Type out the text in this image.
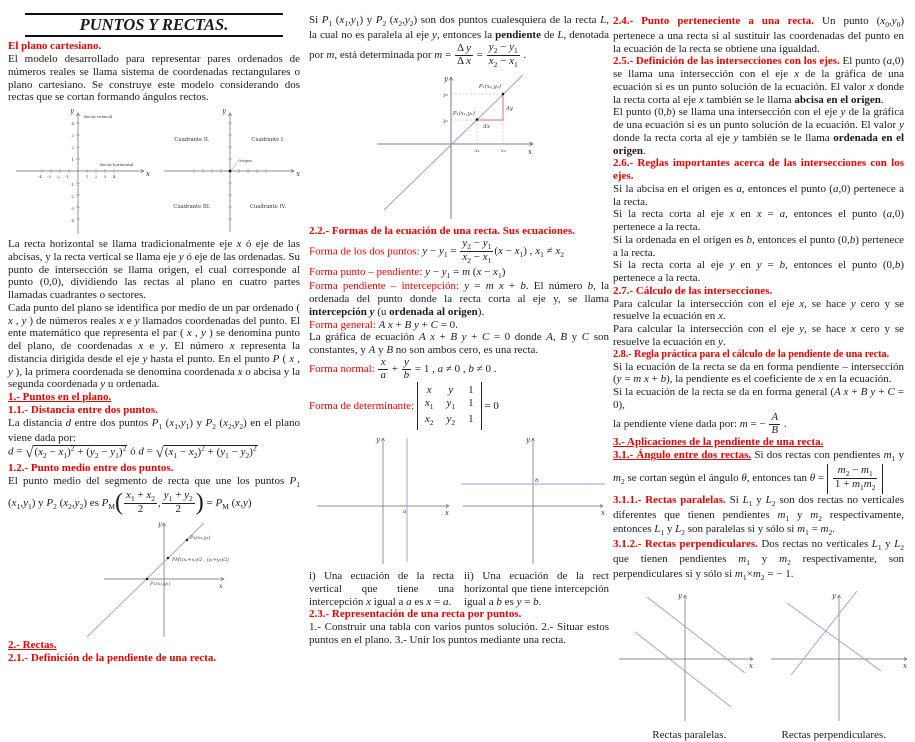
PUNTOS Y RECTAS.

El plano cartesiano.

El modelo desarrollado para representar pares ordenados de números reales se llama sistema de coordenadas rectangulares o plano cartesiano. Se construye este modelo considerando dos rectas que se cortan formando ángulos rectos.

y
x
Recta vertical
Recta horizontal
-4 -3 -2 -1	1 2 3 4
4
3
2
1
-1
-2
-3
-4
y
x
Cuadrante II.	Cuadrante I.
Cuadrante III.	Cuadrante IV.
Origen

La recta horizontal se llama tradicionalmente eje x ó eje de las abcisas, y la recta vertical se llama eje y ó eje de las ordenadas. Su punto de intersección se llama origen, el cual corresponde al punto (0,0), dividiendo las rectas al plano en cuatro partes llamadas cuadrantes o sectores.

Cada punto del plano se identifica por medio de un par ordenado ( x , y ) de números reales x e y llamados coordenadas del punto. El ente matemático que representa el par ( x , y ) se denomina punto del plano, de coordenadas x e y. El número x representa la distancia dirigida desde el eje y hasta el punto. En el punto P ( x , y ), la primera coordenada se denomina coordenada x o abcisa y la segunda coordenada y u ordenada.

1.- Puntos en el plano.

1.1.- Distancia entre dos puntos.

La distancia d entre dos puntos $P_1$ $(x_1,y_1)$ y $P_2$ $(x_2,y_2)$ en el plano viene dada por:

$d = √(x_2 - x_1)^2 + (y_2 - y_1)^2$ ó $d = √(x_1 - x_2)^2 + (y_1 - y_2)^2$

1.2.- Punto medio entre dos puntos.

El punto medio del segmento de recta que une los puntos $P_1$ $(x_1,y_1)$ y $P_2$ $(x_2,y_2)$ es $P_M( \frac{x_1 + x_2}{2}$ , $\frac{y_1 + y_2}{2}$ ) = $P_M$ (x,y)

y
x
P₁(x₁,y₁)
PM((x₁+x₂)/2 , (y₁+y₂)/2)
P₂(x₂,y₂)

2.- Rectas.

2.1.- Definición de la pendiente de una recta.

Si $P_1$ $(x_1,y_1)$ y $P_2$ $(x_2,y_2)$ son dos puntos cualesquiera de la recta L, la cual no es paralela al eje y, entonces la pendiente de L, denotada por m, está determinada por $m = \frac{\text{Δ y}}{\text{Δ x}} = \frac{y_2 - y_1}{x_2 - x_1}$ .

y
x
P₂(x₂,y₂)
P₁(x₁,y₁)
Δy
Δx
y₂
y₁
x₁	x₂

2.2.- Formas de la ecuación de una recta. Sus ecuaciones.

Forma de los dos puntos: $y - y_1 = \frac{y_2 - y_1}{x_2 - x_1} (x - x_1)$ , $x_1 \ne x_2$

Forma punto – pendiente: $y - y_1 = m$ $(x - x_1)$

Forma pendiente – intercepción: y = m x + b. El número b, la ordenada del punto donde la recta corta al eje y, se llama intercepción y (u ordenada al origen).

Forma general: A x + B y + C = 0.

La gráfica de ecuación A x + B y + C = 0 donde A, B y C son constantes, y A y B no son ambos cero, es una recta.

Forma normal: $\frac{x}{a} + \frac{y}{b} = 1$ , a ≠ 0 , b ≠ 0 .

Forma de determinante:
x y 1
$x_1$ $y_1$ 1
$x_2$ $y_2$ 1
= 0

y
x
a
y
x
b

i) Una ecuación de la recta vertical que tiene una intercepción x igual a a es x = a.

ii) Una ecuación de la rect horizontal que tiene intercepción igual a b es y = b.

2.3.- Representación de una recta por puntos.

1.- Construir una tabla con varios puntos solución. 2.- Situar estos puntos en el plano. 3.- Unir los puntos mediante una recta.

2.4.- Punto perteneciente a una recta. Un punto $(x_0,y_0)$ pertenece a una recta si al sustituir las coordenadas del punto en la ecuación de la recta se obtiene una igualdad.

2.5.- Definición de las intersecciones con los ejes. El punto (a,0) se llama una intersección con el eje x de la gráfica de una ecuación si es un punto solución de la ecuación. El valor x donde la recta corta al eje x también se le llama abcisa en el origen.

El punto (0,b) se llama una intersección con el eje y de la gráfica de una ecuación si es un punto solución de la ecuación. El valor y donde la recta corta al eje y también se le llama ordenada en el origen.

2.6.- Reglas importantes acerca de las intersecciones con los ejes.

Si la abcisa en el origen es a, entonces el punto (a,0) pertenece a la recta.

Si la recta corta al eje x en x = a, entonces el punto (a,0) pertenece a la recta.

Si la ordenada en el origen es b, entonces el punto (0,b) pertenece a la recta.

Si la recta corta al eje y en y = b, entonces el punto (0,b) pertenece a la recta.

2.7.- Cálculo de las intersecciones.

Para calcular la intersección con el eje x, se hace y cero y se resuelve la ecuación en x.

Para calcular la intersección con el eje y, se hace x cero y se resuelve la ecuación en y.

2.8.- Regla práctica para el cálculo de la pendiente de una recta.

Si la ecuación de la recta se da en forma pendiente – intersección (y = m x + b), la pendiente es el coeficiente de x en la ecuación.

Si la ecuación de la recta se da en forma general (A x + B y + C = 0),

la pendiente viene dada por: m = − $\frac{A}{B}$ .

3.- Aplicaciones de la pendiente de una recta.

3.1.- Ángulo entre dos rectas. Si dos rectas con pendientes $m_1$ y $m_2$ se cortan según el ángulo θ, entonces $\tan \theta = \frac{m_2 - m_1}{1 + m_1m_2}$

3.1.1.- Rectas paralelas. Si $L_1$ y $L_2$ son dos rectas no verticales diferentes que tienen pendientes $m_1$ y $m_2$ respectivamente, entonces $L_1$ y $L_2$ son paralelas si y sólo si $m_1 = m_2$.

3.1.2.- Rectas perpendiculares. Dos rectas no verticales $L_1$ y $L_2$ que tienen pendientes $m_1$ y $m_2$ respectivamente, son perpendiculares si y sólo si $m_1\times m_2$ = − 1.

y
x
y
x
Rectas paralelas.	Rectas perpendiculares.
